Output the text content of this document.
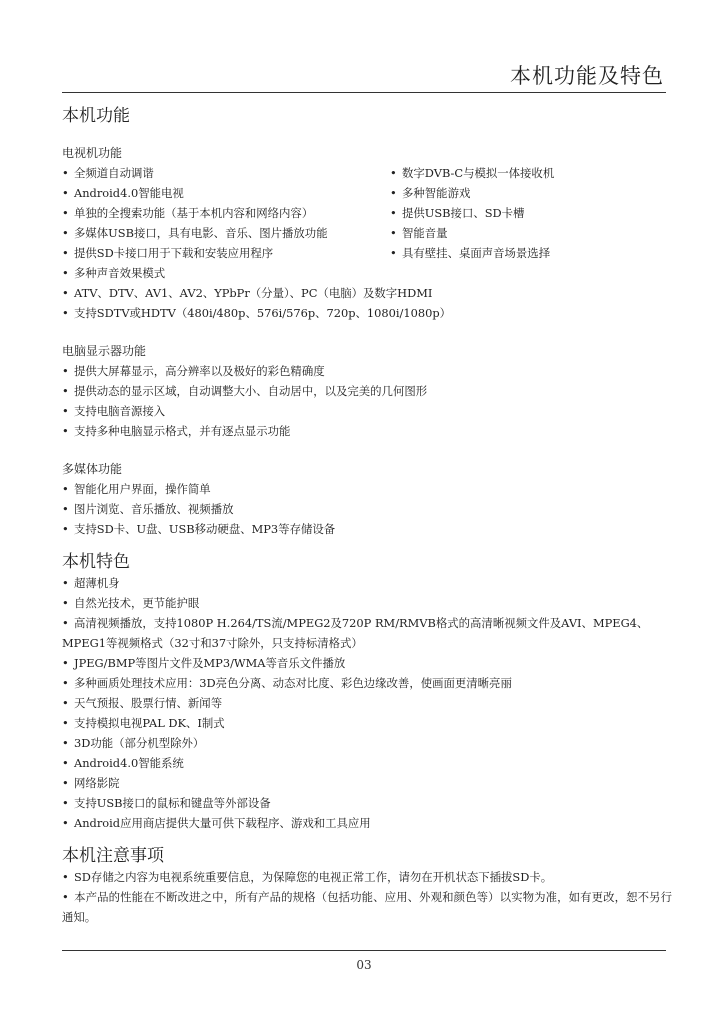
本机功能及特色
本机功能
电视机功能
• 全频道自动调谐
• Android4.0智能电视
• 单独的全搜索功能（基于本机内容和网络内容）
• 多媒体USB接口，具有电影、音乐、图片播放功能
• 提供SD卡接口用于下载和安装应用程序
• 多种声音效果模式
• 数字DVB-C与模拟一体接收机
• 多种智能游戏
• 提供USB接口、SD卡槽
• 智能音量
• 具有壁挂、桌面声音场景选择
• ATV、DTV、AV1、AV2、YPbPr（分量）、PC（电脑）及数字HDMI
• 支持SDTV或HDTV（480i/480p、576i/576p、720p、1080i/1080p）
电脑显示器功能
• 提供大屏幕显示，高分辨率以及极好的彩色精确度
• 提供动态的显示区域，自动调整大小、自动居中，以及完美的几何图形
• 支持电脑音源接入
• 支持多种电脑显示格式，并有逐点显示功能
多媒体功能
• 智能化用户界面，操作简单
• 图片浏览、音乐播放、视频播放
• 支持SD卡、U盘、USB移动硬盘、MP3等存储设备
本机特色
• 超薄机身
• 自然光技术，更节能护眼
• 高清视频播放，支持1080P H.264/TS流/MPEG2及720P RM/RMVB格式的高清晰视频文件及AVI、MPEG4、MPEG1等视频格式（32寸和37寸除外，只支持标清格式）
• JPEG/BMP等图片文件及MP3/WMA等音乐文件播放
• 多种画质处理技术应用：3D亮色分离、动态对比度、彩色边缘改善，使画面更清晰亮丽
• 天气预报、股票行情、新闻等
• 支持模拟电视PAL DK、I制式
• 3D功能（部分机型除外）
• Android4.0智能系统
• 网络影院
• 支持USB接口的鼠标和键盘等外部设备
• Android应用商店提供大量可供下载程序、游戏和工具应用
本机注意事项
• SD存储之内容为电视系统重要信息，为保障您的电视正常工作，请勿在开机状态下插拔SD卡。
• 本产品的性能在不断改进之中，所有产品的规格（包括功能、应用、外观和颜色等）以实物为准，如有更改，恕不另行通知。
03
